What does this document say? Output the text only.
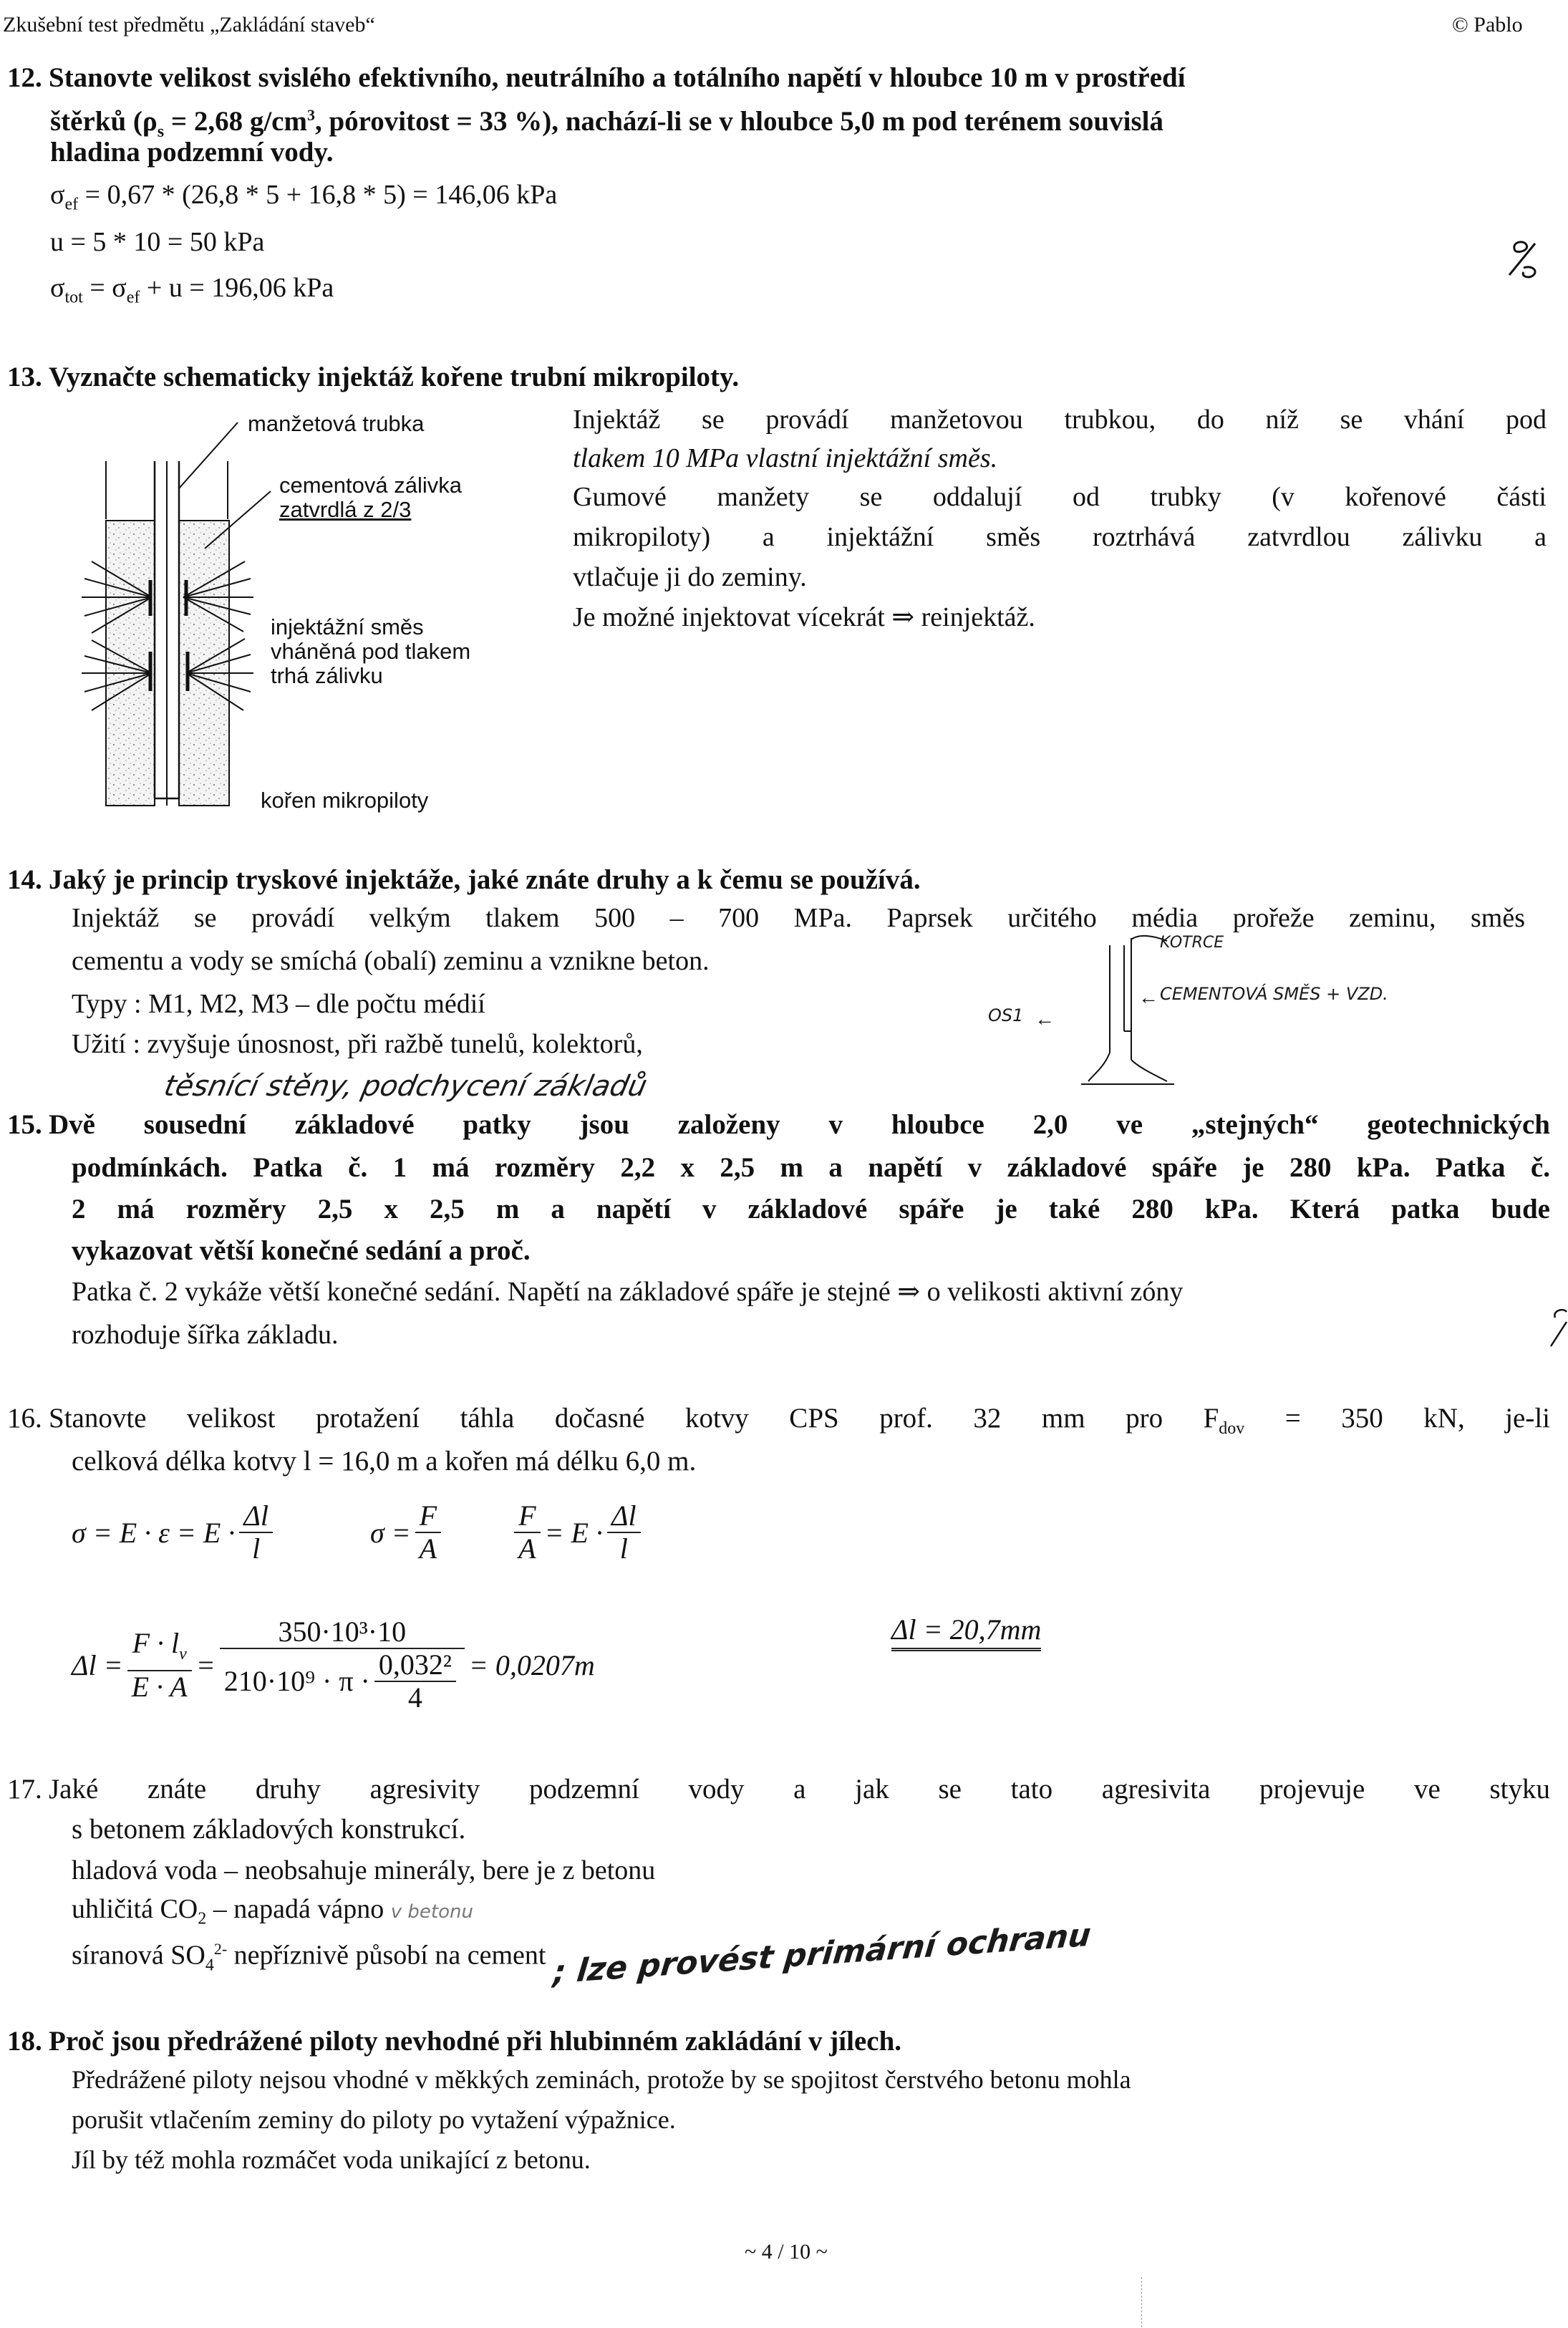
Zkušební test předmětu „Zakládání staveb“	© Pablo
12. Stanovte velikost svislého efektivního, neutrálního a totálního napětí v hloubce 10 m v prostředí
štěrků ($\rho_s = 2,68$ $g/cm^3$, pórovitost = 33 %), nachází-li se v hloubce 5,0 m pod terénem souvislá
hladina podzemní vody.
$\sigma_{ef} = 0,67 * (26,8 * 5 + 16,8 * 5) = 146,06$ kPa
u = 5 * 10 = 50 kPa
$\sigma_{tot} = \sigma_{ef} + u = 196,06$ kPa
13. Vyznačte schematicky injektáž kořene trubní mikropiloty.
manžetová trubka
cementová zálivka
zatvrdlá z 2/3
injektážní směs
vháněná pod tlakem
trhá zálivku
kořen mikropiloty
Injektáž se provádí manžetovou trubkou, do níž se vhání pod
tlakem 10 MPa vlastní injektážní směs.
Gumové manžety se oddalují od trubky (v kořenové části
mikropiloty) a injektážní směs roztrhává zatvrdlou zálivku a
vtlačuje ji do zeminy.
Je možné injektovat vícekrát ⇒ reinjektáž.
14. Jaký je princip tryskové injektáže, jaké znáte druhy a k čemu se používá.
Injektáž se provádí velkým tlakem 500 – 700 MPa. Paprsek určitého média prořeže zeminu, směs
cementu a vody se smíchá (obalí) zeminu a vznikne beton.
Typy : M1, M2, M3 – dle počtu médií
Užití : zvyšuje únosnost, při ražbě tunelů, kolektorů,
těsnící stěny, podchycení základů
KOTRCE
CEMENTOVÁ SMĚS + VZD.
OS1
←
←
15. Dvě sousední základové patky jsou založeny v hloubce 2,0 ve „stejných“ geotechnických
podmínkách. Patka č. 1 má rozměry 2,2 x 2,5 m a napětí v základové spáře je 280 kPa. Patka č.
2 má rozměry 2,5 x 2,5 m a napětí v základové spáře je také 280 kPa. Která patka bude
vykazovat větší konečné sedání a proč.
Patka č. 2 vykáže větší konečné sedání. Napětí na základové spáře je stejné ⇒ o velikosti aktivní zóny
rozhoduje šířka základu.
16. Stanovte velikost protažení táhla dočasné kotvy CPS prof. 32 mm pro $F_{dov} = 350$ kN, je-li
celková délka kotvy l = 16,0 m a kořen má délku 6,0 m.
$\sigma = E \cdot \varepsilon = E \cdot \frac{\Delta l}{l}$	$\sigma = \frac{F}{A}$	$\frac{F}{A} = E \cdot \frac{\Delta l}{l}$
$\Delta l = \frac{F \cdot l_v}{E \cdot A} = \frac{\text{350·10³·10}}{210\cdot 10^9 \cdot \pi \cdot \frac{\text{0,032²}}{4}} = 0,0207m$
Δl = 20,7mm
17. Jaké znáte druhy agresivity podzemní vody a jak se tato agresivita projevuje ve styku
s betonem základových konstrukcí.
hladová voda – neobsahuje minerály, bere je z betonu
uhličitá $CO_2$ – napadá vápno v betonu
síranová $SO_4^{2-}$ nepříznivě působí na cement ; lze provést primární ochranu
18. Proč jsou předrážené piloty nevhodné při hlubinném zakládání v jílech.
Předrážené piloty nejsou vhodné v měkkých zeminách, protože by se spojitost čerstvého betonu mohla
porušit vtlačením zeminy do piloty po vytažení výpažnice.
Jíl by též mohla rozmáčet voda unikající z betonu.
~ 4 / 10 ~
